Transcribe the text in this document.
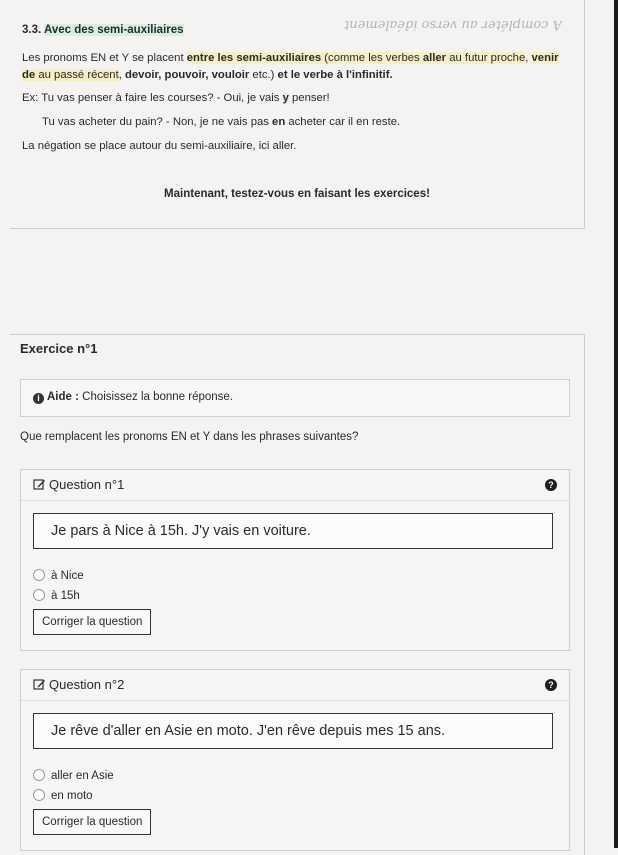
À compléter au verso idéalement
3.3. Avec des semi-auxiliaires
Les pronoms EN et Y se placent entre les semi-auxiliaires (comme les verbes aller au futur proche, venir
de au passé récent, devoir, pouvoir, vouloir etc.) et le verbe à l'infinitif.
Ex: Tu vas penser à faire les courses? - Oui, je vais y penser!
Tu vas acheter du pain? - Non, je ne vais pas en acheter car il en reste.
La négation se place autour du semi-auxiliaire, ici aller.
Maintenant, testez-vous en faisant les exercices!
Exercice n°1
i Aide : Choisissez la bonne réponse.
Que remplacent les pronoms EN et Y dans les phrases suivantes?
Question n°1	?
Je pars à Nice à 15h. J'y vais en voiture.
à Nice
à 15h
Corriger la question
Question n°2	?
Je rêve d'aller en Asie en moto. J'en rêve depuis mes 15 ans.
aller en Asie
en moto
Corriger la question
